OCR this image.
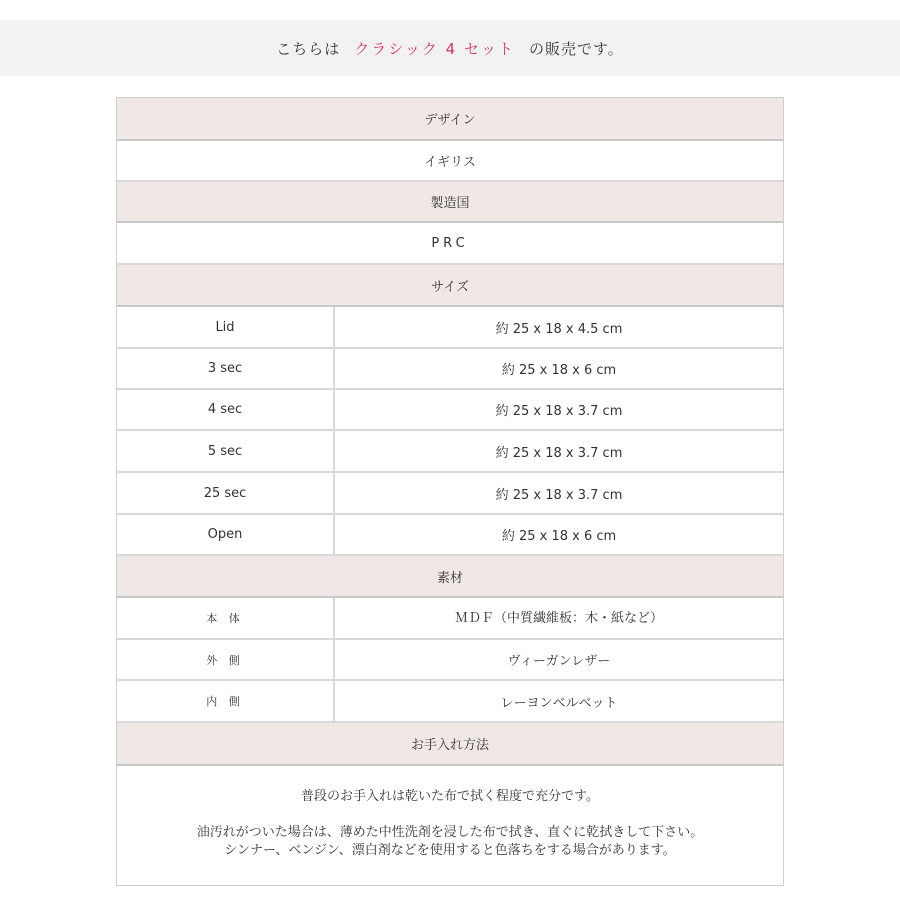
こちらは クラシック 4 セット の販売です。
デザイン
イギリス
製造国
PRC
サイズ
Lid	約 25 x 18 x 4.5 cm
3 sec	約 25 x 18 x 6 cm
4 sec	約 25 x 18 x 3.7 cm
5 sec	約 25 x 18 x 3.7 cm
25 sec	約 25 x 18 x 3.7 cm
Open	約 25 x 18 x 6 cm
素材
本 体	ＭＤＦ（中質繊維板：木・紙など）
外 側	ヴィーガンレザー
内 側	レーヨンベルベット
お手入れ方法

普段のお手入れは乾いた布で拭く程度で充分です。

油汚れがついた場合は、薄めた中性洗剤を浸した布で拭き、直ぐに乾拭きして下さい。

シンナー、ベンジン、漂白剤などを使用すると色落ちをする場合があります。
